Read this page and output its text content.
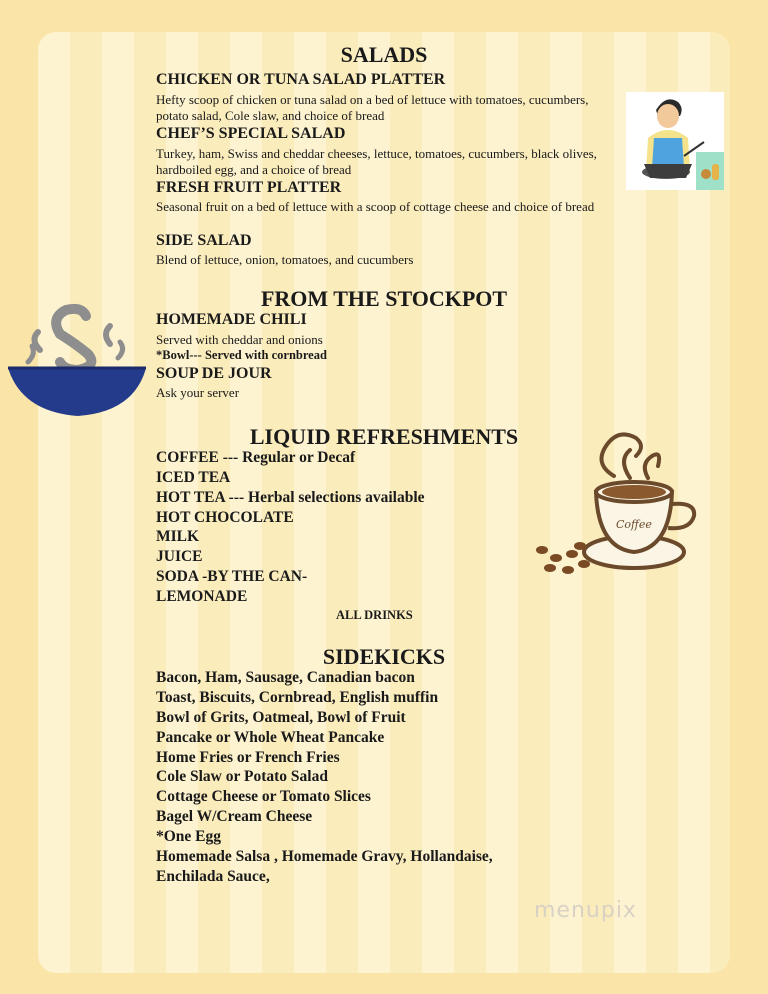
SALADS
CHICKEN OR TUNA SALAD PLATTER

Hefty scoop of chicken or tuna salad on a bed of lettuce with tomatoes, cucumbers, potato salad, Cole slaw, and choice of bread

CHEF’S SPECIAL SALAD

Turkey, ham, Swiss and cheddar cheeses, lettuce, tomatoes, cucumbers, black olives, hardboiled egg, and a choice of bread

FRESH FRUIT PLATTER

Seasonal fruit on a bed of lettuce with a scoop of cottage cheese and choice of bread

SIDE SALAD

Blend of lettuce, onion, tomatoes, and cucumbers

FROM THE STOCKPOT
HOMEMADE CHILI

Served with cheddar and onions

*Bowl--- Served with cornbread

SOUP DE JOUR

Ask your server

LIQUID REFRESHMENTS

COFFEE --- Regular or Decaf

ICED TEA

HOT TEA --- Herbal selections available

HOT CHOCOLATE

MILK

JUICE

SODA -BY THE CAN-

LEMONADE

ALL DRINKS

Coffee
SIDEKICKS

Bacon, Ham, Sausage, Canadian bacon

Toast, Biscuits, Cornbread, English muffin

Bowl of Grits, Oatmeal, Bowl of Fruit

Pancake or Whole Wheat Pancake

Home Fries or French Fries

Cole Slaw or Potato Salad

Cottage Cheese or Tomato Slices

Bagel W/Cream Cheese

*One Egg

Homemade Salsa , Homemade Gravy, Hollandaise,

Enchilada Sauce,

menupix
